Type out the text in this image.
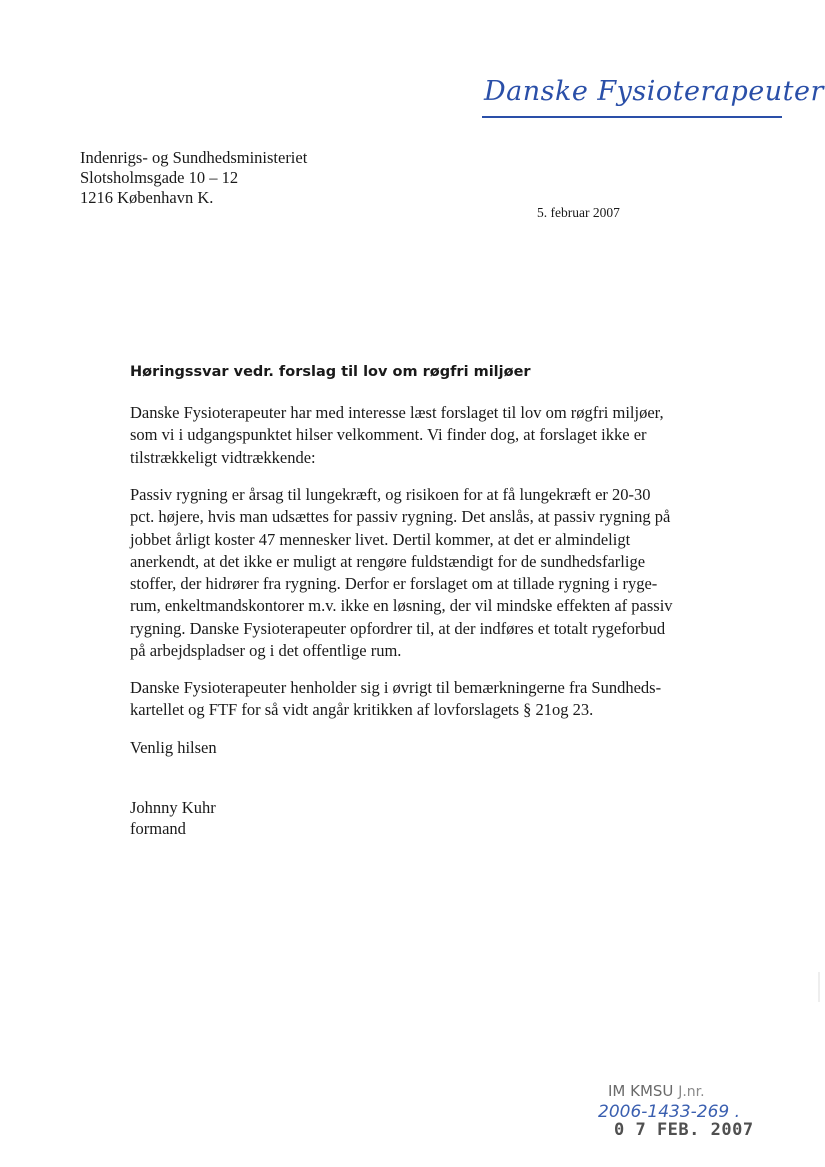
Danske Fysioterapeuter
Indenrigs- og Sundhedsministeriet
Slotsholmsgade 10 – 12
1216 København K.
5. februar 2007
Høringssvar vedr. forslag til lov om røgfri miljøer
Danske Fysioterapeuter har med interesse læst forslaget til lov om røgfri miljøer,
som vi i udgangspunktet hilser velkomment. Vi finder dog, at forslaget ikke er
tilstrækkeligt vidtrækkende:
Passiv rygning er årsag til lungekræft, og risikoen for at få lungekræft er 20-30
pct. højere, hvis man udsættes for passiv rygning. Det anslås, at passiv rygning på
jobbet årligt koster 47 mennesker livet. Dertil kommer, at det er almindeligt
anerkendt, at det ikke er muligt at rengøre fuldstændigt for de sundhedsfarlige
stoffer, der hidrører fra rygning. Derfor er forslaget om at tillade rygning i ryge-
rum, enkeltmandskontorer m.v. ikke en løsning, der vil mindske effekten af passiv
rygning. Danske Fysioterapeuter opfordrer til, at der indføres et totalt rygeforbud
på arbejdspladser og i det offentlige rum.
Danske Fysioterapeuter henholder sig i øvrigt til bemærkningerne fra Sundheds-
kartellet og FTF for så vidt angår kritikken af lovforslagets § 21og 23.
Venlig hilsen
Johnny Kuhr
formand
IM KMSU J.nr.
2006-1433-269 .
0 7 FEB. 2007
